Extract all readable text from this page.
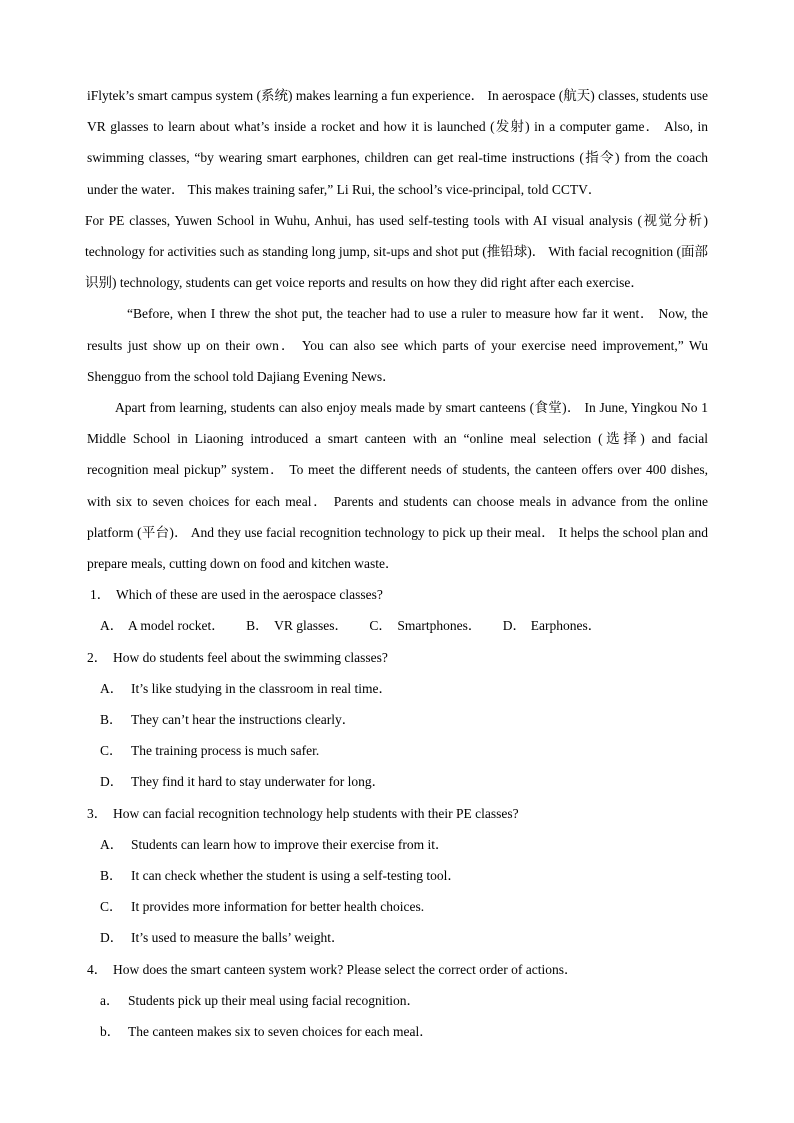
iFlytek’s smart campus system (系统) makes learning a fun experience． In aerospace (航天) classes, students use VR glasses to learn about what’s inside a rocket and how it is launched (发射) in a computer game． Also, in swimming classes, “by wearing smart earphones, children can get real-time instructions (指令) from the coach under the water． This makes training safer,” Li Rui, the school’s vice-principal, told CCTV．

For PE classes, Yuwen School in Wuhu, Anhui, has used self-testing tools with AI visual analysis (视觉分析) technology for activities such as standing long jump, sit-ups and shot put (推铅球)． With facial recognition (面部识别) technology, students can get voice reports and results on how they did right after each exercise．

“Before, when I threw the shot put, the teacher had to use a ruler to measure how far it went． Now, the results just show up on their own． You can also see which parts of your exercise need improvement,” Wu Shengguo from the school told Dajiang Evening News．

Apart from learning, students can also enjoy meals made by smart canteens (食堂)． In June, Yingkou No 1 Middle School in Liaoning introduced a smart canteen with an “online meal selection (选择) and facial recognition meal pickup” system． To meet the different needs of students, the canteen offers over 400 dishes, with six to seven choices for each meal． Parents and students can choose meals in advance from the online platform (平台)． And they use facial recognition technology to pick up their meal． It helps the school plan and prepare meals, cutting down on food and kitchen waste．

1． Which of these are used in the aerospace classes?

A． A model rocket． B． VR glasses． C． Smartphones． D． Earphones．

2． How do students feel about the swimming classes?

A． It’s like studying in the classroom in real time．

B． They can’t hear the instructions clearly．

C． The training process is much safer.

D． They find it hard to stay underwater for long．

3． How can facial recognition technology help students with their PE classes?

A． Students can learn how to improve their exercise from it．

B． It can check whether the student is using a self-testing tool．

C． It provides more information for better health choices.

D． It’s used to measure the balls’ weight．

4． How does the smart canteen system work? Please select the correct order of actions．

a． Students pick up their meal using facial recognition．

b． The canteen makes six to seven choices for each meal．
